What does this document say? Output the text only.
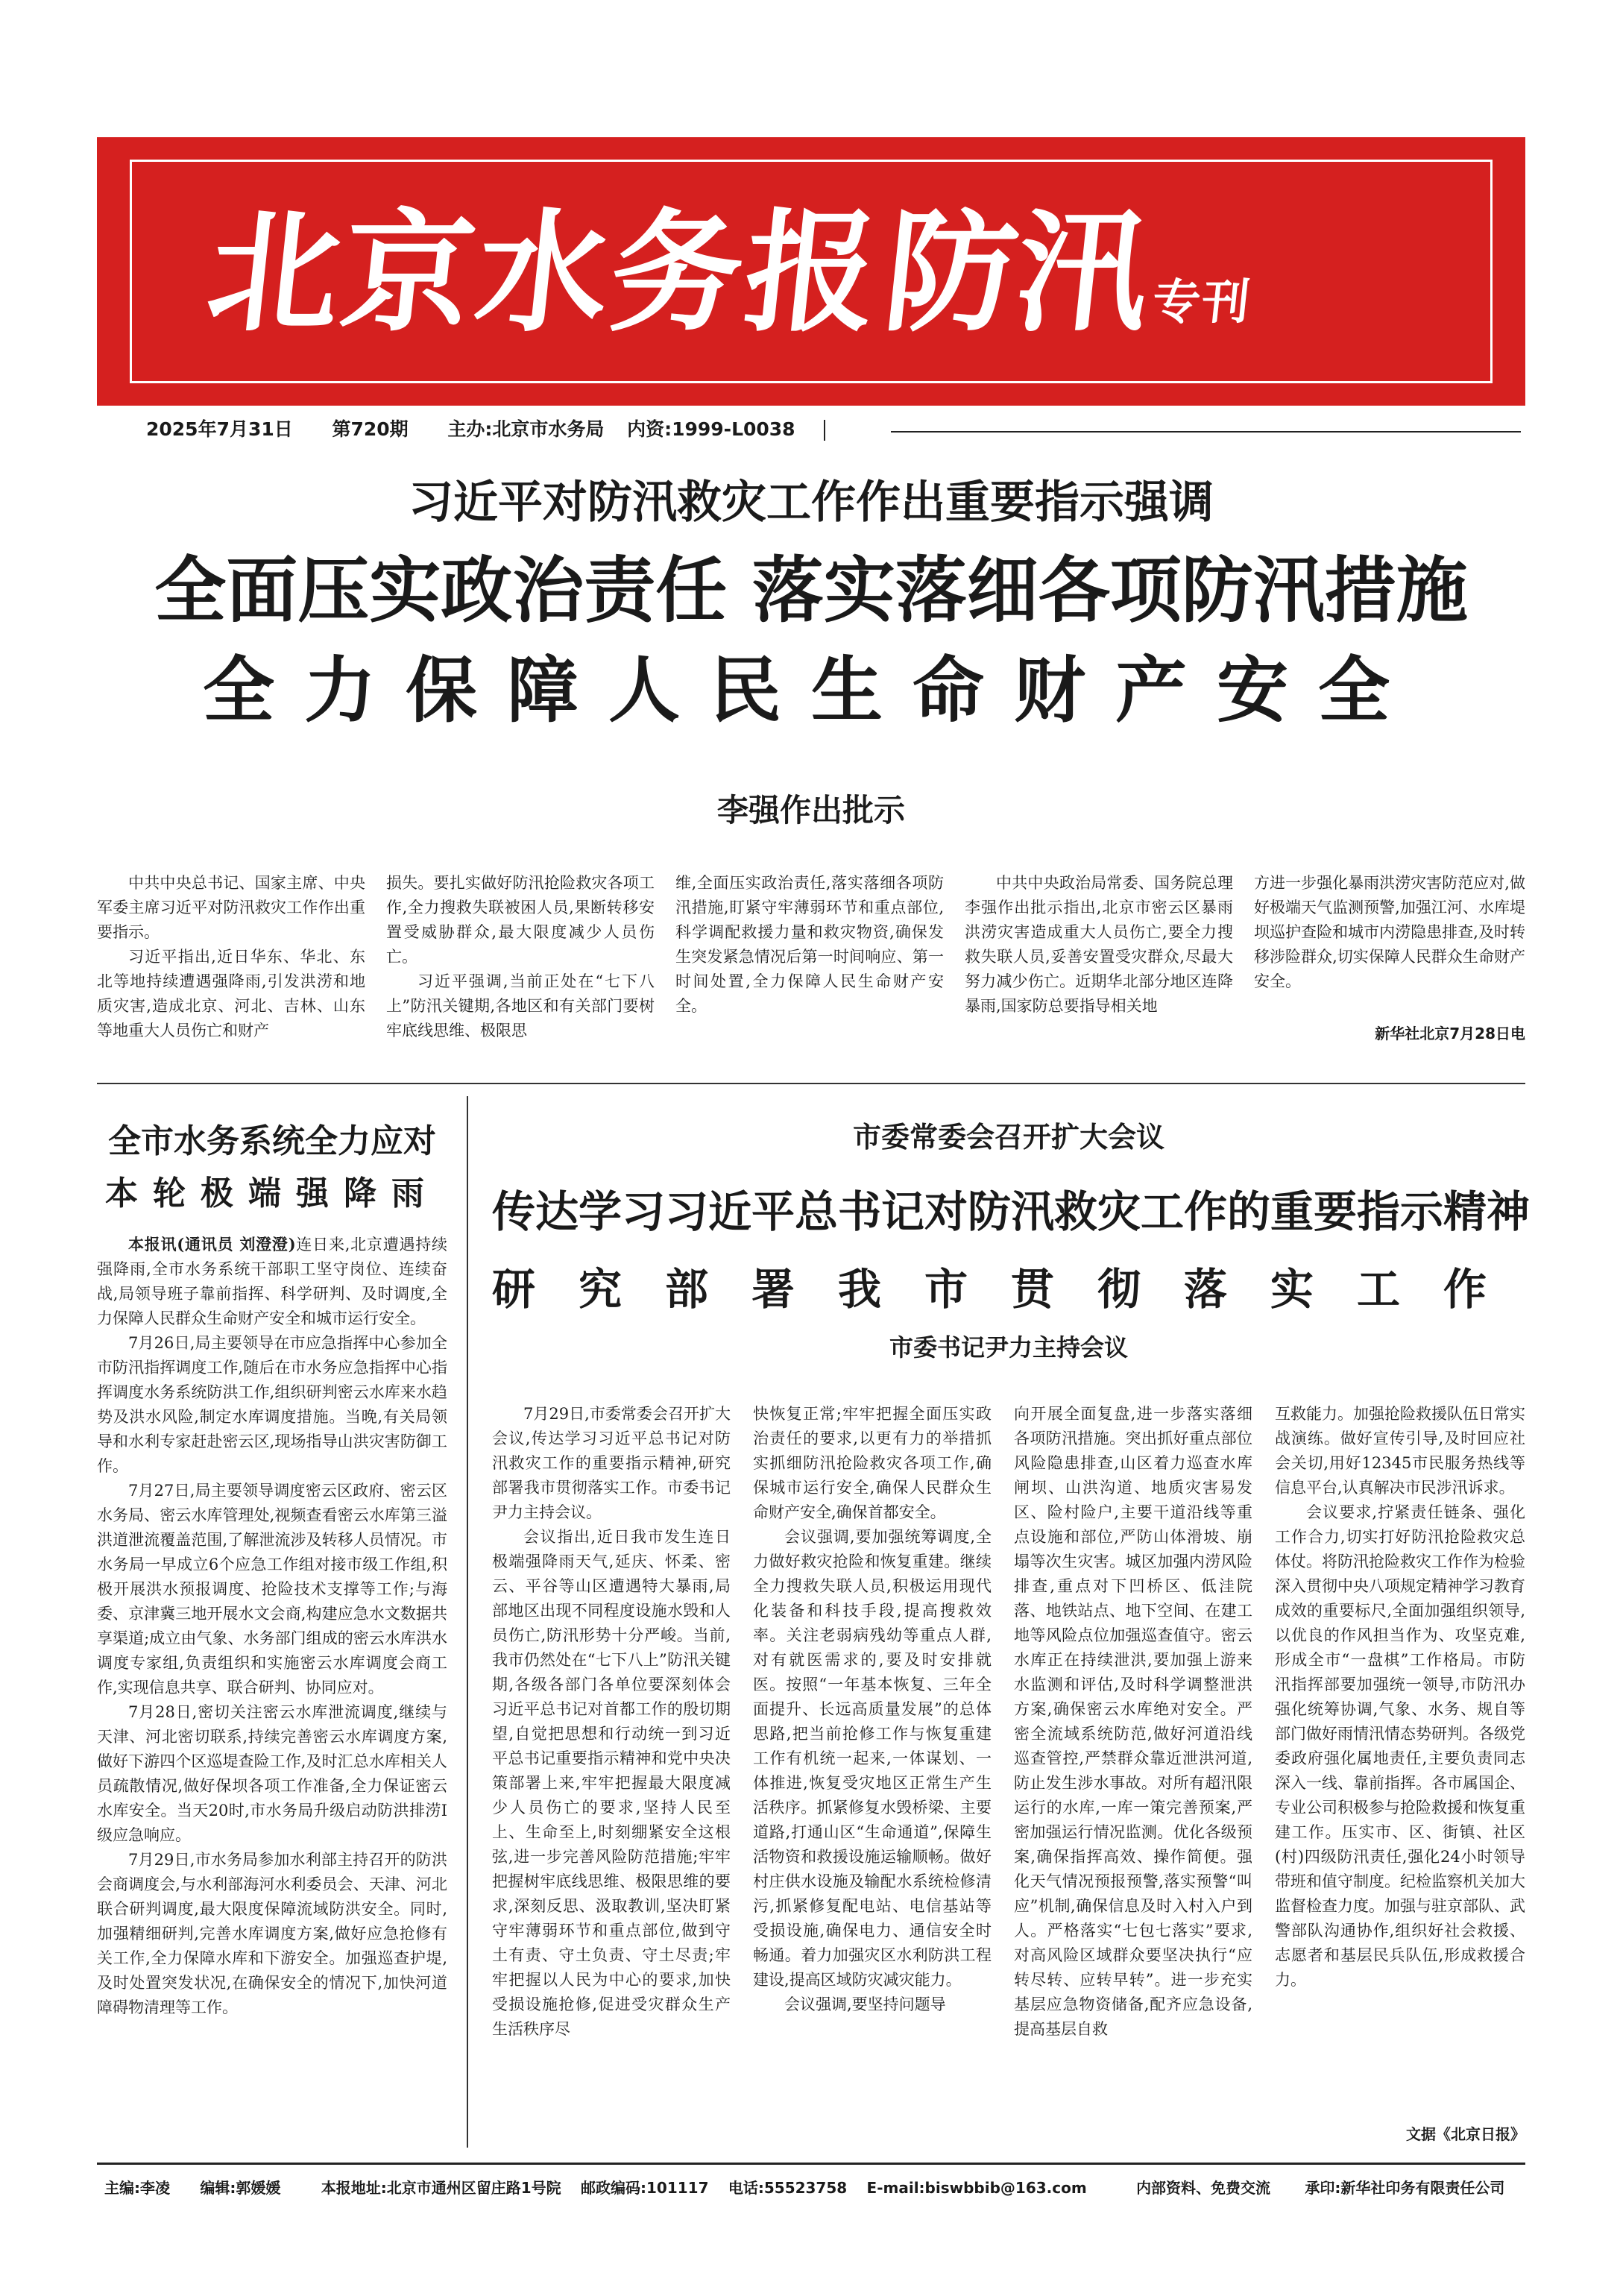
北京水务报防汛专刊
2025年7月31日 第720期 主办:北京市水务局 内资:1999-L0038
习近平对防汛救灾工作作出重要指示强调
全面压实政治责任 落实落细各项防汛措施
全力保障人民生命财产安全
李强作出批示

中共中央总书记、国家主席、中央军委主席习近平对防汛救灾工作作出重要指示。

习近平指出,近日华东、华北、东北等地持续遭遇强降雨,引发洪涝和地质灾害,造成北京、河北、吉林、山东等地重大人员伤亡和财产

损失。要扎实做好防汛抢险救灾各项工作,全力搜救失联被困人员,果断转移安置受威胁群众,最大限度减少人员伤亡。

习近平强调,当前正处在“七下八上”防汛关键期,各地区和有关部门要树牢底线思维、极限思

维,全面压实政治责任,落实落细各项防汛措施,盯紧守牢薄弱环节和重点部位,科学调配救援力量和救灾物资,确保发生突发紧急情况后第一时间响应、第一时间处置,全力保障人民生命财产安全。

中共中央政治局常委、国务院总理李强作出批示指出,北京市密云区暴雨洪涝灾害造成重大人员伤亡,要全力搜救失联人员,妥善安置受灾群众,尽最大努力减少伤亡。近期华北部分地区连降暴雨,国家防总要指导相关地

方进一步强化暴雨洪涝灾害防范应对,做好极端天气监测预警,加强江河、水库堤坝巡护查险和城市内涝隐患排查,及时转移涉险群众,切实保障人民群众生命财产安全。

新华社北京7月28日电
全市水务系统全力应对
本轮极端强降雨

本报讯(通讯员 刘澄澄)连日来,北京遭遇持续强降雨,全市水务系统干部职工坚守岗位、连续奋战,局领导班子靠前指挥、科学研判、及时调度,全力保障人民群众生命财产安全和城市运行安全。

7月26日,局主要领导在市应急指挥中心参加全市防汛指挥调度工作,随后在市水务应急指挥中心指挥调度水务系统防洪工作,组织研判密云水库来水趋势及洪水风险,制定水库调度措施。当晚,有关局领导和水利专家赶赴密云区,现场指导山洪灾害防御工作。

7月27日,局主要领导调度密云区政府、密云区水务局、密云水库管理处,视频查看密云水库第三溢洪道泄流覆盖范围,了解泄流涉及转移人员情况。市水务局一早成立6个应急工作组对接市级工作组,积极开展洪水预报调度、抢险技术支撑等工作;与海委、京津冀三地开展水文会商,构建应急水文数据共享渠道;成立由气象、水务部门组成的密云水库洪水调度专家组,负责组织和实施密云水库调度会商工作,实现信息共享、联合研判、协同应对。

7月28日,密切关注密云水库泄流调度,继续与天津、河北密切联系,持续完善密云水库调度方案,做好下游四个区巡堤查险工作,及时汇总水库相关人员疏散情况,做好保坝各项工作准备,全力保证密云水库安全。当天20时,市水务局升级启动防洪排涝I级应急响应。

7月29日,市水务局参加水利部主持召开的防洪会商调度会,与水利部海河水利委员会、天津、河北联合研判调度,最大限度保障流域防洪安全。同时,加强精细研判,完善水库调度方案,做好应急抢修有关工作,全力保障水库和下游安全。加强巡查护堤,及时处置突发状况,在确保安全的情况下,加快河道障碍物清理等工作。

市委常委会召开扩大会议
传达学习习近平总书记对防汛救灾工作的重要指示精神
研究部署我市贯彻落实工作
市委书记尹力主持会议

7月29日,市委常委会召开扩大会议,传达学习习近平总书记对防汛救灾工作的重要指示精神,研究部署我市贯彻落实工作。市委书记尹力主持会议。

会议指出,近日我市发生连日极端强降雨天气,延庆、怀柔、密云、平谷等山区遭遇特大暴雨,局部地区出现不同程度设施水毁和人员伤亡,防汛形势十分严峻。当前,我市仍然处在“七下八上”防汛关键期,各级各部门各单位要深刻体会习近平总书记对首都工作的殷切期望,自觉把思想和行动统一到习近平总书记重要指示精神和党中央决策部署上来,牢牢把握最大限度减少人员伤亡的要求,坚持人民至上、生命至上,时刻绷紧安全这根弦,进一步完善风险防范措施;牢牢把握树牢底线思维、极限思维的要求,深刻反思、汲取教训,坚决盯紧守牢薄弱环节和重点部位,做到守土有责、守土负责、守土尽责;牢牢把握以人民为中心的要求,加快受损设施抢修,促进受灾群众生产生活秩序尽

快恢复正常;牢牢把握全面压实政治责任的要求,以更有力的举措抓实抓细防汛抢险救灾各项工作,确保城市运行安全,确保人民群众生命财产安全,确保首都安全。

会议强调,要加强统筹调度,全力做好救灾抢险和恢复重建。继续全力搜救失联人员,积极运用现代化装备和科技手段,提高搜救效率。关注老弱病残幼等重点人群,对有就医需求的,要及时安排就医。按照“一年基本恢复、三年全面提升、长远高质量发展”的总体思路,把当前抢修工作与恢复重建工作有机统一起来,一体谋划、一体推进,恢复受灾地区正常生产生活秩序。抓紧修复水毁桥梁、主要道路,打通山区“生命通道”,保障生活物资和救援设施运输顺畅。做好村庄供水设施及输配水系统检修清污,抓紧修复配电站、电信基站等受损设施,确保电力、通信安全时畅通。着力加强灾区水利防洪工程建设,提高区域防灾减灾能力。

会议强调,要坚持问题导

向开展全面复盘,进一步落实落细各项防汛措施。突出抓好重点部位风险隐患排查,山区着力巡查水库闸坝、山洪沟道、地质灾害易发区、险村险户,主要干道沿线等重点设施和部位,严防山体滑坡、崩塌等次生灾害。城区加强内涝风险排查,重点对下凹桥区、低洼院落、地铁站点、地下空间、在建工地等风险点位加强巡查值守。密云水库正在持续泄洪,要加强上游来水监测和评估,及时科学调整泄洪方案,确保密云水库绝对安全。严密全流域系统防范,做好河道沿线巡查管控,严禁群众靠近泄洪河道,防止发生涉水事故。对所有超汛限运行的水库,一库一策完善预案,严密加强运行情况监测。优化各级预案,确保指挥高效、操作简便。强化天气情况预报预警,落实预警“叫应”机制,确保信息及时入村入户到人。严格落实“七包七落实”要求,对高风险区域群众要坚决执行“应转尽转、应转早转”。进一步充实基层应急物资储备,配齐应急设备,提高基层自救

互救能力。加强抢险救援队伍日常实战演练。做好宣传引导,及时回应社会关切,用好12345市民服务热线等信息平台,认真解决市民涉汛诉求。

会议要求,拧紧责任链条、强化工作合力,切实打好防汛抢险救灾总体仗。将防汛抢险救灾工作作为检验深入贯彻中央八项规定精神学习教育成效的重要标尺,全面加强组织领导,以优良的作风担当作为、攻坚克难,形成全市“一盘棋”工作格局。市防汛指挥部要加强统一领导,市防汛办强化统筹协调,气象、水务、规自等部门做好雨情汛情态势研判。各级党委政府强化属地责任,主要负责同志深入一线、靠前指挥。各市属国企、专业公司积极参与抢险救援和恢复重建工作。压实市、区、街镇、社区(村)四级防汛责任,强化24小时领导带班和值守制度。纪检监察机关加大监督检查力度。加强与驻京部队、武警部队沟通协作,组织好社会救援、志愿者和基层民兵队伍,形成救援合力。

文据《北京日报》
主编:李凌 编辑:郭媛媛	本报地址:北京市通州区留庄路1号院 邮政编码:101117 电话:55523758 E-mail:biswbbib@163.com	内部资料、免费交流 承印:新华社印务有限责任公司
